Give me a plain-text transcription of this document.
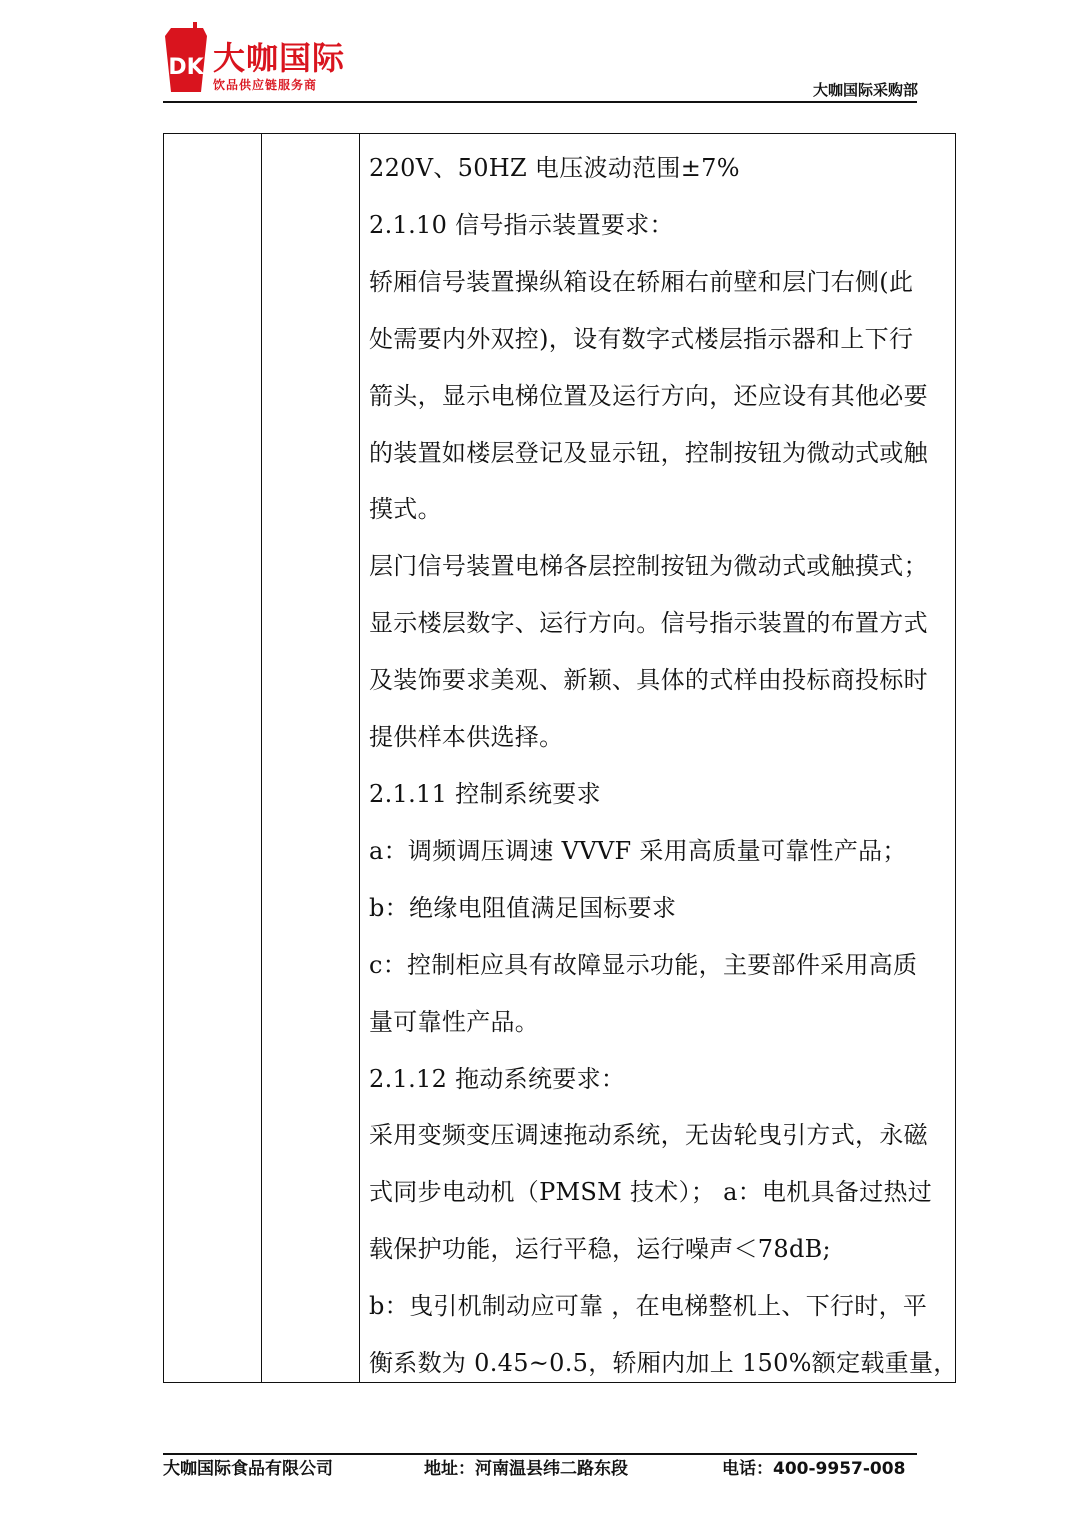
DK 大咖国际
饮品供应链服务商	大咖国际采购部

220V、50HZ 电压波动范围±7%

2.1.10 信号指示装置要求：

轿厢信号装置操纵箱设在轿厢右前壁和层门右侧(此

处需要内外双控)，设有数字式楼层指示器和上下行

箭头，显示电梯位置及运行方向，还应设有其他必要

的装置如楼层登记及显示钮，控制按钮为微动式或触

摸式。

层门信号装置电梯各层控制按钮为微动式或触摸式；

显示楼层数字、运行方向。信号指示装置的布置方式

及装饰要求美观、新颖、具体的式样由投标商投标时

提供样本供选择。

2.1.11 控制系统要求

a：调频调压调速 VVVF 采用高质量可靠性产品；

b：绝缘电阻值满足国标要求

c：控制柜应具有故障显示功能，主要部件采用高质

量可靠性产品。

2.1.12 拖动系统要求：

采用变频变压调速拖动系统，无齿轮曳引方式，永磁

式同步电动机（PMSM 技术）； a：电机具备过热过

载保护功能，运行平稳，运行噪声＜78dB;

b：曳引机制动应可靠 ，在电梯整机上、下行时，平

衡系数为 0.45~0.5，轿厢内加上 150%额定载重量，

大咖国际食品有限公司	地址：河南温县纬二路东段	电话：400-9957-008
